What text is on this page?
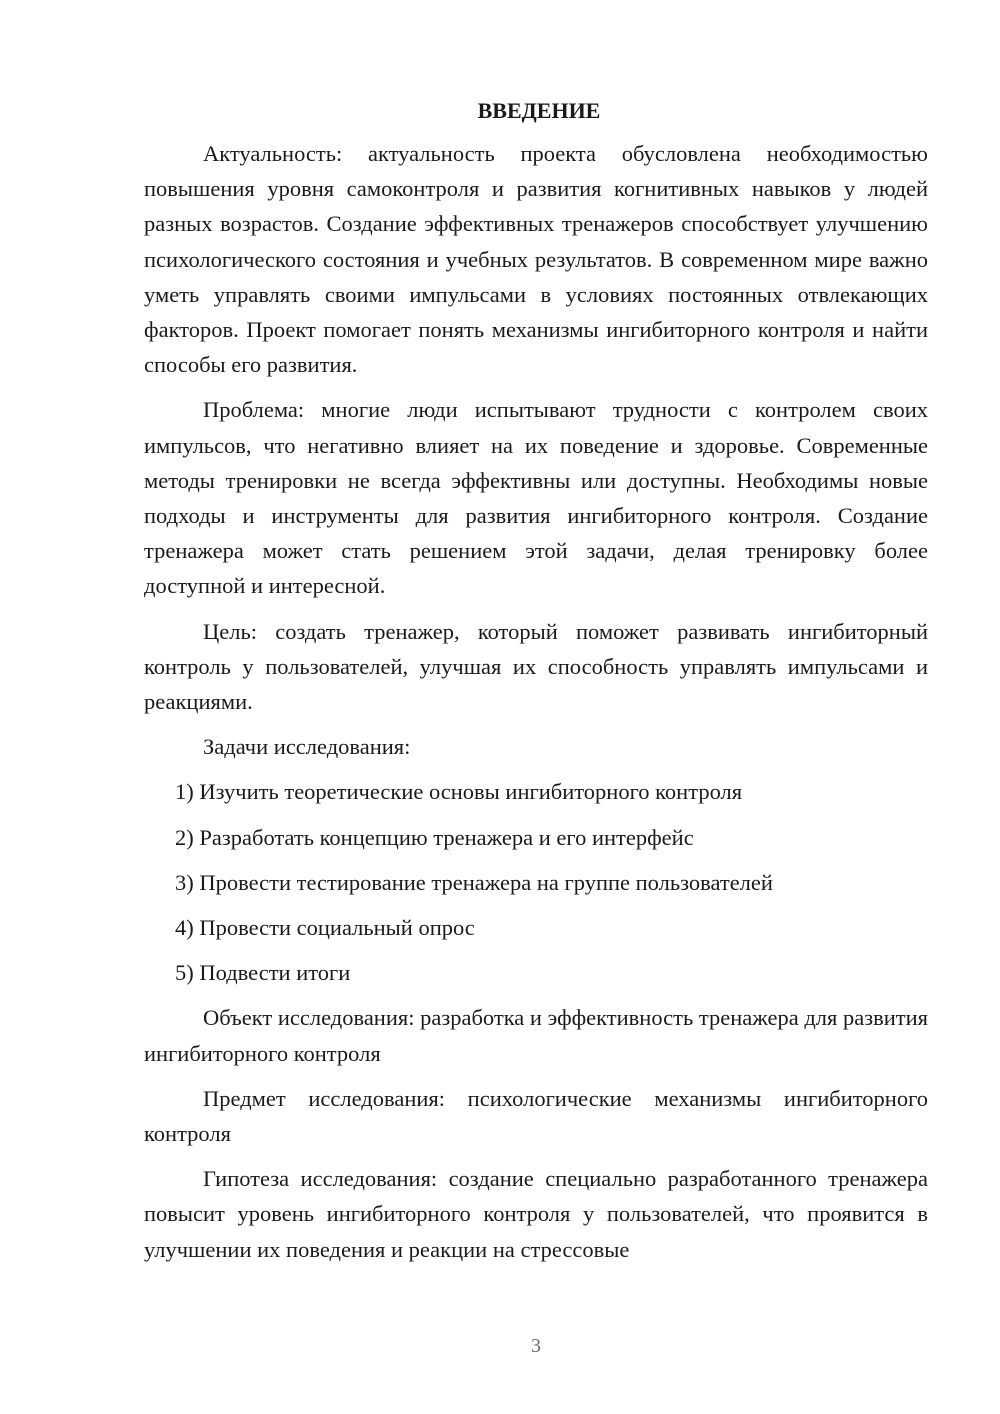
ВВЕДЕНИЕ

Актуальность: актуальность проекта обусловлена необходимостью повышения уровня самоконтроля и развития когнитивных навыков у людей разных возрастов. Создание эффективных тренажеров способствует улучшению психологического состояния и учебных результатов. В современном мире важно уметь управлять своими импульсами в условиях постоянных отвлекающих факторов. Проект помогает понять механизмы ингибиторного контроля и найти способы его развития.

Проблема: многие люди испытывают трудности с контролем своих импульсов, что негативно влияет на их поведение и здоровье. Современные методы тренировки не всегда эффективны или доступны. Необходимы новые подходы и инструменты для развития ингибиторного контроля. Создание тренажера может стать решением этой задачи, делая тренировку более доступной и интересной.

Цель: создать тренажер, который поможет развивать ингибиторный контроль у пользователей, улучшая их способность управлять импульсами и реакциями.

Задачи исследования:

1) Изучить теоретические основы ингибиторного контроля
2) Разработать концепцию тренажера и его интерфейс
3) Провести тестирование тренажера на группе пользователей
4) Провести социальный опрос
5) Подвести итоги

Объект исследования: разработка и эффективность тренажера для развития ингибиторного контроля

Предмет исследования: психологические механизмы ингибиторного контроля

Гипотеза исследования: создание специально разработанного тренажера повысит уровень ингибиторного контроля у пользователей, что проявится в улучшении их поведения и реакции на стрессовые

3
